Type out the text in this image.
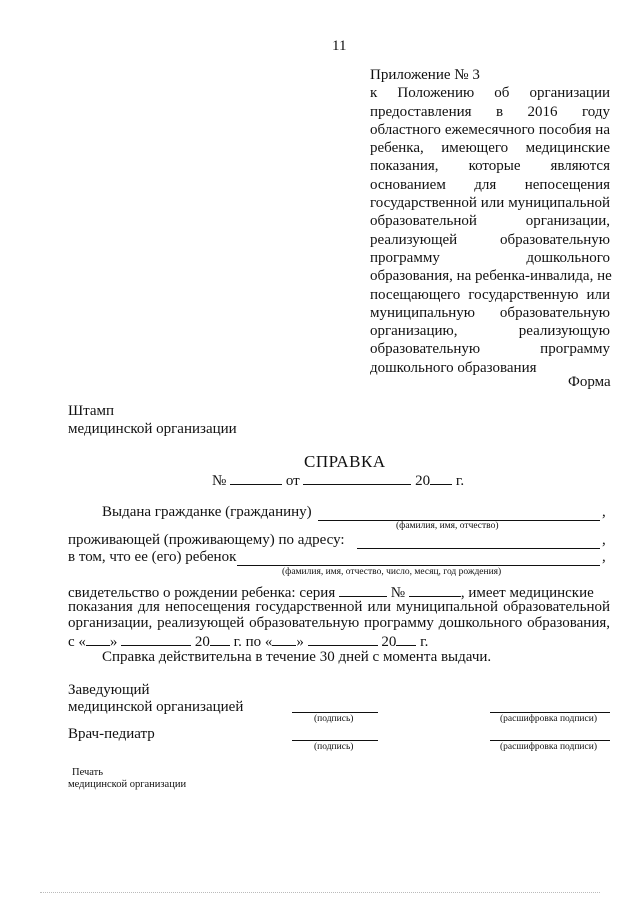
11
Приложение № 3
к Положению об организации
предоставления в 2016 году
областного ежемесячного пособия на
ребенка, имеющего медицинские
показания, которые являются
основанием для непосещения
государственной или муниципальной
образовательной организации,
реализующей образовательную
программу дошкольного
образования, на ребенка-инвалида, не
посещающего государственную или
муниципальную образовательную
организацию, реализующую
образовательную программу
дошкольного образования
Форма
Штамп
медицинской организации
СПРАВКА
№	от	20 г.
Выдана гражданке (гражданину)	,
(фамилия, имя, отчество)
проживающей (проживающему) по адресу:	,
в том, что ее (его) ребенок	,
(фамилия, имя, отчество, число, месяц, год рождения)
свидетельство о рождении ребенка: серия	№	, имеет медицинские
показания для непосещения государственной или муниципальной образовательной
организации, реализующей образовательную программу дошкольного образования,
с « »	20 г. по « »	20 г.
Справка действительна в течение 30 дней с момента выдачи.
Заведующий
медицинской организацией
(подпись)	(расшифровка подписи)
Врач-педиатр
(подпись)	(расшифровка подписи)
Печать
медицинской организации
